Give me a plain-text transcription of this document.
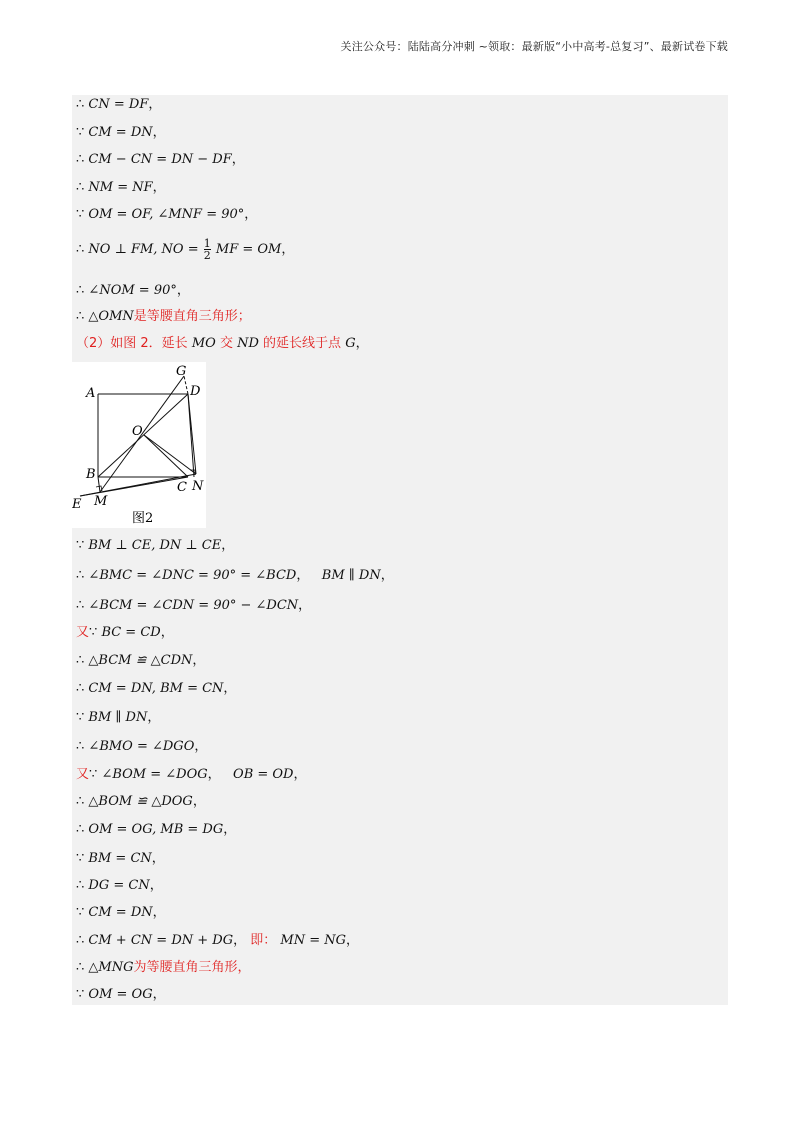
关注公众号：陆陆高分冲刺 ~领取：最新版“小中高考-总复习”、最新试卷下载
∴ CN = DF，
∵ CM = DN，
∴ CM − CN = DN − DF，
∴ NM = NF，
∵ OM = OF, ∠MNF = 90°，
∴ NO ⊥ FM, NO = $\frac{1}{2}$ MF = OM，
∴ ∠NOM = 90°，
∴ △OMN是等腰直角三角形；
（2）如图 2．延长 MO 交 ND 的延长线于点 G，
A	D
G
O
B
C N
E M
图2
∵ BM ⊥ CE, DN ⊥ CE，
∴ ∠BMC = ∠DNC = 90° = ∠BCD， BM ∥ DN，
∴ ∠BCM = ∠CDN = 90° − ∠DCN，
又∵ BC = CD，
∴ △BCM ≌ △CDN，
∴ CM = DN, BM = CN，
∵ BM ∥ DN，
∴ ∠BMO = ∠DGO，
又∵ ∠BOM = ∠DOG， OB = OD，
∴ △BOM ≌ △DOG，
∴ OM = OG, MB = DG，
∵ BM = CN，
∴ DG = CN，
∵ CM = DN，
∴ CM + CN = DN + DG， 即： MN = NG，
∴ △MNG为等腰直角三角形，
∵ OM = OG，
